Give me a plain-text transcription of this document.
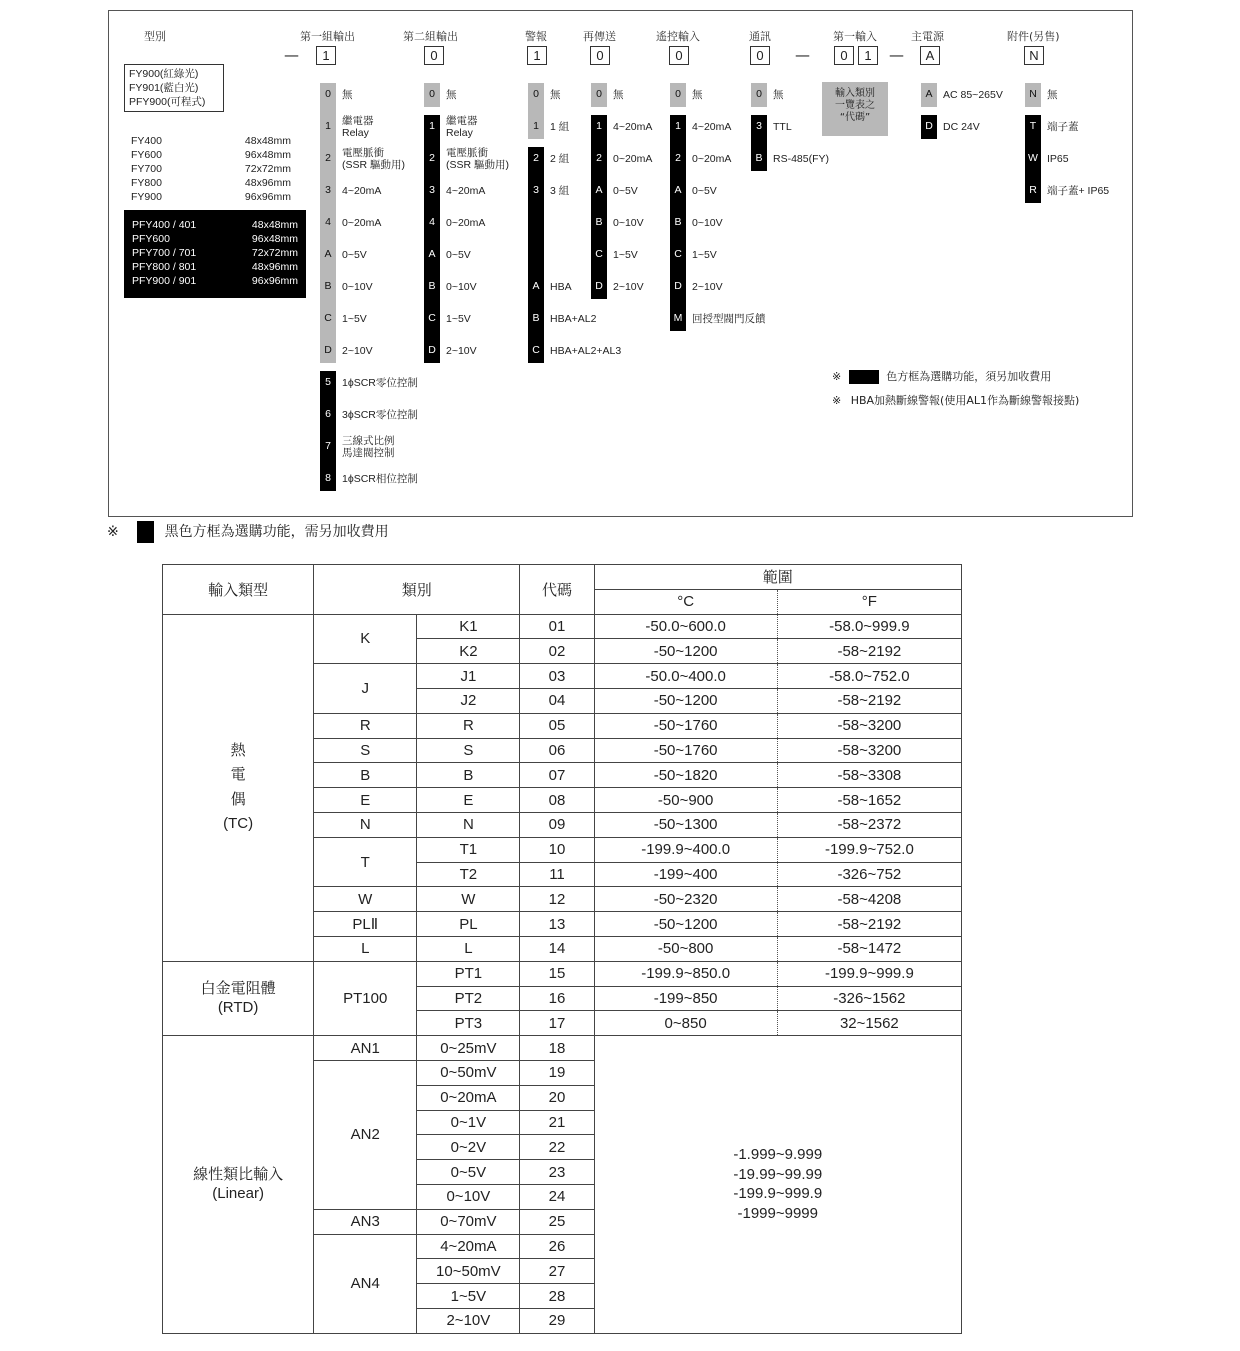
型別	第一組輸出	第二組輸出	警報	再傳送	遙控輸入	通訊	第一輸入	主電源	附件(另售)
—	1	0	1	0	0	0	—	0	1	—	A	N
FY900(紅綠光)
FY901(藍白光)
PFY900(可程式)
FY400	48x48mm
FY600	96x48mm
FY700	72x72mm
FY800	48x96mm
FY900	96x96mm
PFY400 / 401	48x48mm
PFY600	96x48mm
PFY700 / 701	72x72mm
PFY800 / 801	48x96mm
PFY900 / 901	96x96mm
0	無
1	繼電器
Relay
2	電壓脈衝
(SSR 驅動用)
3	4~20mA
4	0~20mA
A	0~5V
B	0~10V
C 1~5V
D 2~10V
5	1ϕSCR零位控制
6	3ϕSCR零位控制
7	三線式比例
馬達閥控制
8	1ϕSCR相位控制
0	無
1	繼電器
Relay
2	電壓脈衝
(SSR 驅動用)
3	4~20mA
4	0~20mA
A	0~5V
B	0~10V
C 1~5V
D 2~10V
0	無
1	1 組
2	2 組
3	3 組
A	HBA
B	HBA+AL2
C HBA+AL2+AL3
0	無
1	4~20mA
2	0~20mA
A	0~5V
B	0~10V
C 1~5V
D 2~10V
0	無
1	4~20mA
2	0~20mA
A	0~5V
B	0~10V
C 1~5V
D 2~10V
M 回授型閥門反饋
0	無
3	TTL
B	RS-485(FY)
A	AC 85~265V
D DC 24V
N 無
T	端子蓋
W IP65
R 端子蓋+ IP65
輸入類別
一覽表之
“代碼”
※	色方框為選購功能，須另加收費用
※ HBA加熱斷線警報(使用AL1作為斷線警報接點)
※	黑色方框為選購功能，需另加收費用
輸入類型	類別		代碼	範圍	
				°C	°F
熱
電
偶
(TC)	K	K1	01	-50.0~600.0	-58.0~999.9
		K2	02	-50~1200	-58~2192
	J	J1	03	-50.0~400.0	-58.0~752.0
		J2	04	-50~1200	-58~2192
	R	R	05	-50~1760	-58~3200
	S	S	06	-50~1760	-58~3200
	B	B	07	-50~1820	-58~3308
	E	E	08	-50~900	-58~1652
	N	N	09	-50~1300	-58~2372
	T	T1	10	-199.9~400.0	-199.9~752.0
		T2	11	-199~400	-326~752
	W	W	12	-50~2320	-58~4208
	PLⅡ	PL	13	-50~1200	-58~2192
	L	L	14	-50~800	-58~1472
白金電阻體
(RTD)	PT100	PT1	15	-199.9~850.0	-199.9~999.9
		PT2	16	-199~850	-326~1562
		PT3	17	0~850	32~1562
線性類比輸入
(Linear)	AN1	0~25mV	18	-1.999~9.999
-19.99~99.99
-199.9~999.9
-1999~9999	
	AN2	0~50mV	19		
		0~20mA	20		
		0~1V	21		
		0~2V	22		
		0~5V	23		
		0~10V	24		
	AN3	0~70mV	25		
	AN4	4~20mA	26		
		10~50mV	27		
		1~5V	28		
		2~10V	29		
